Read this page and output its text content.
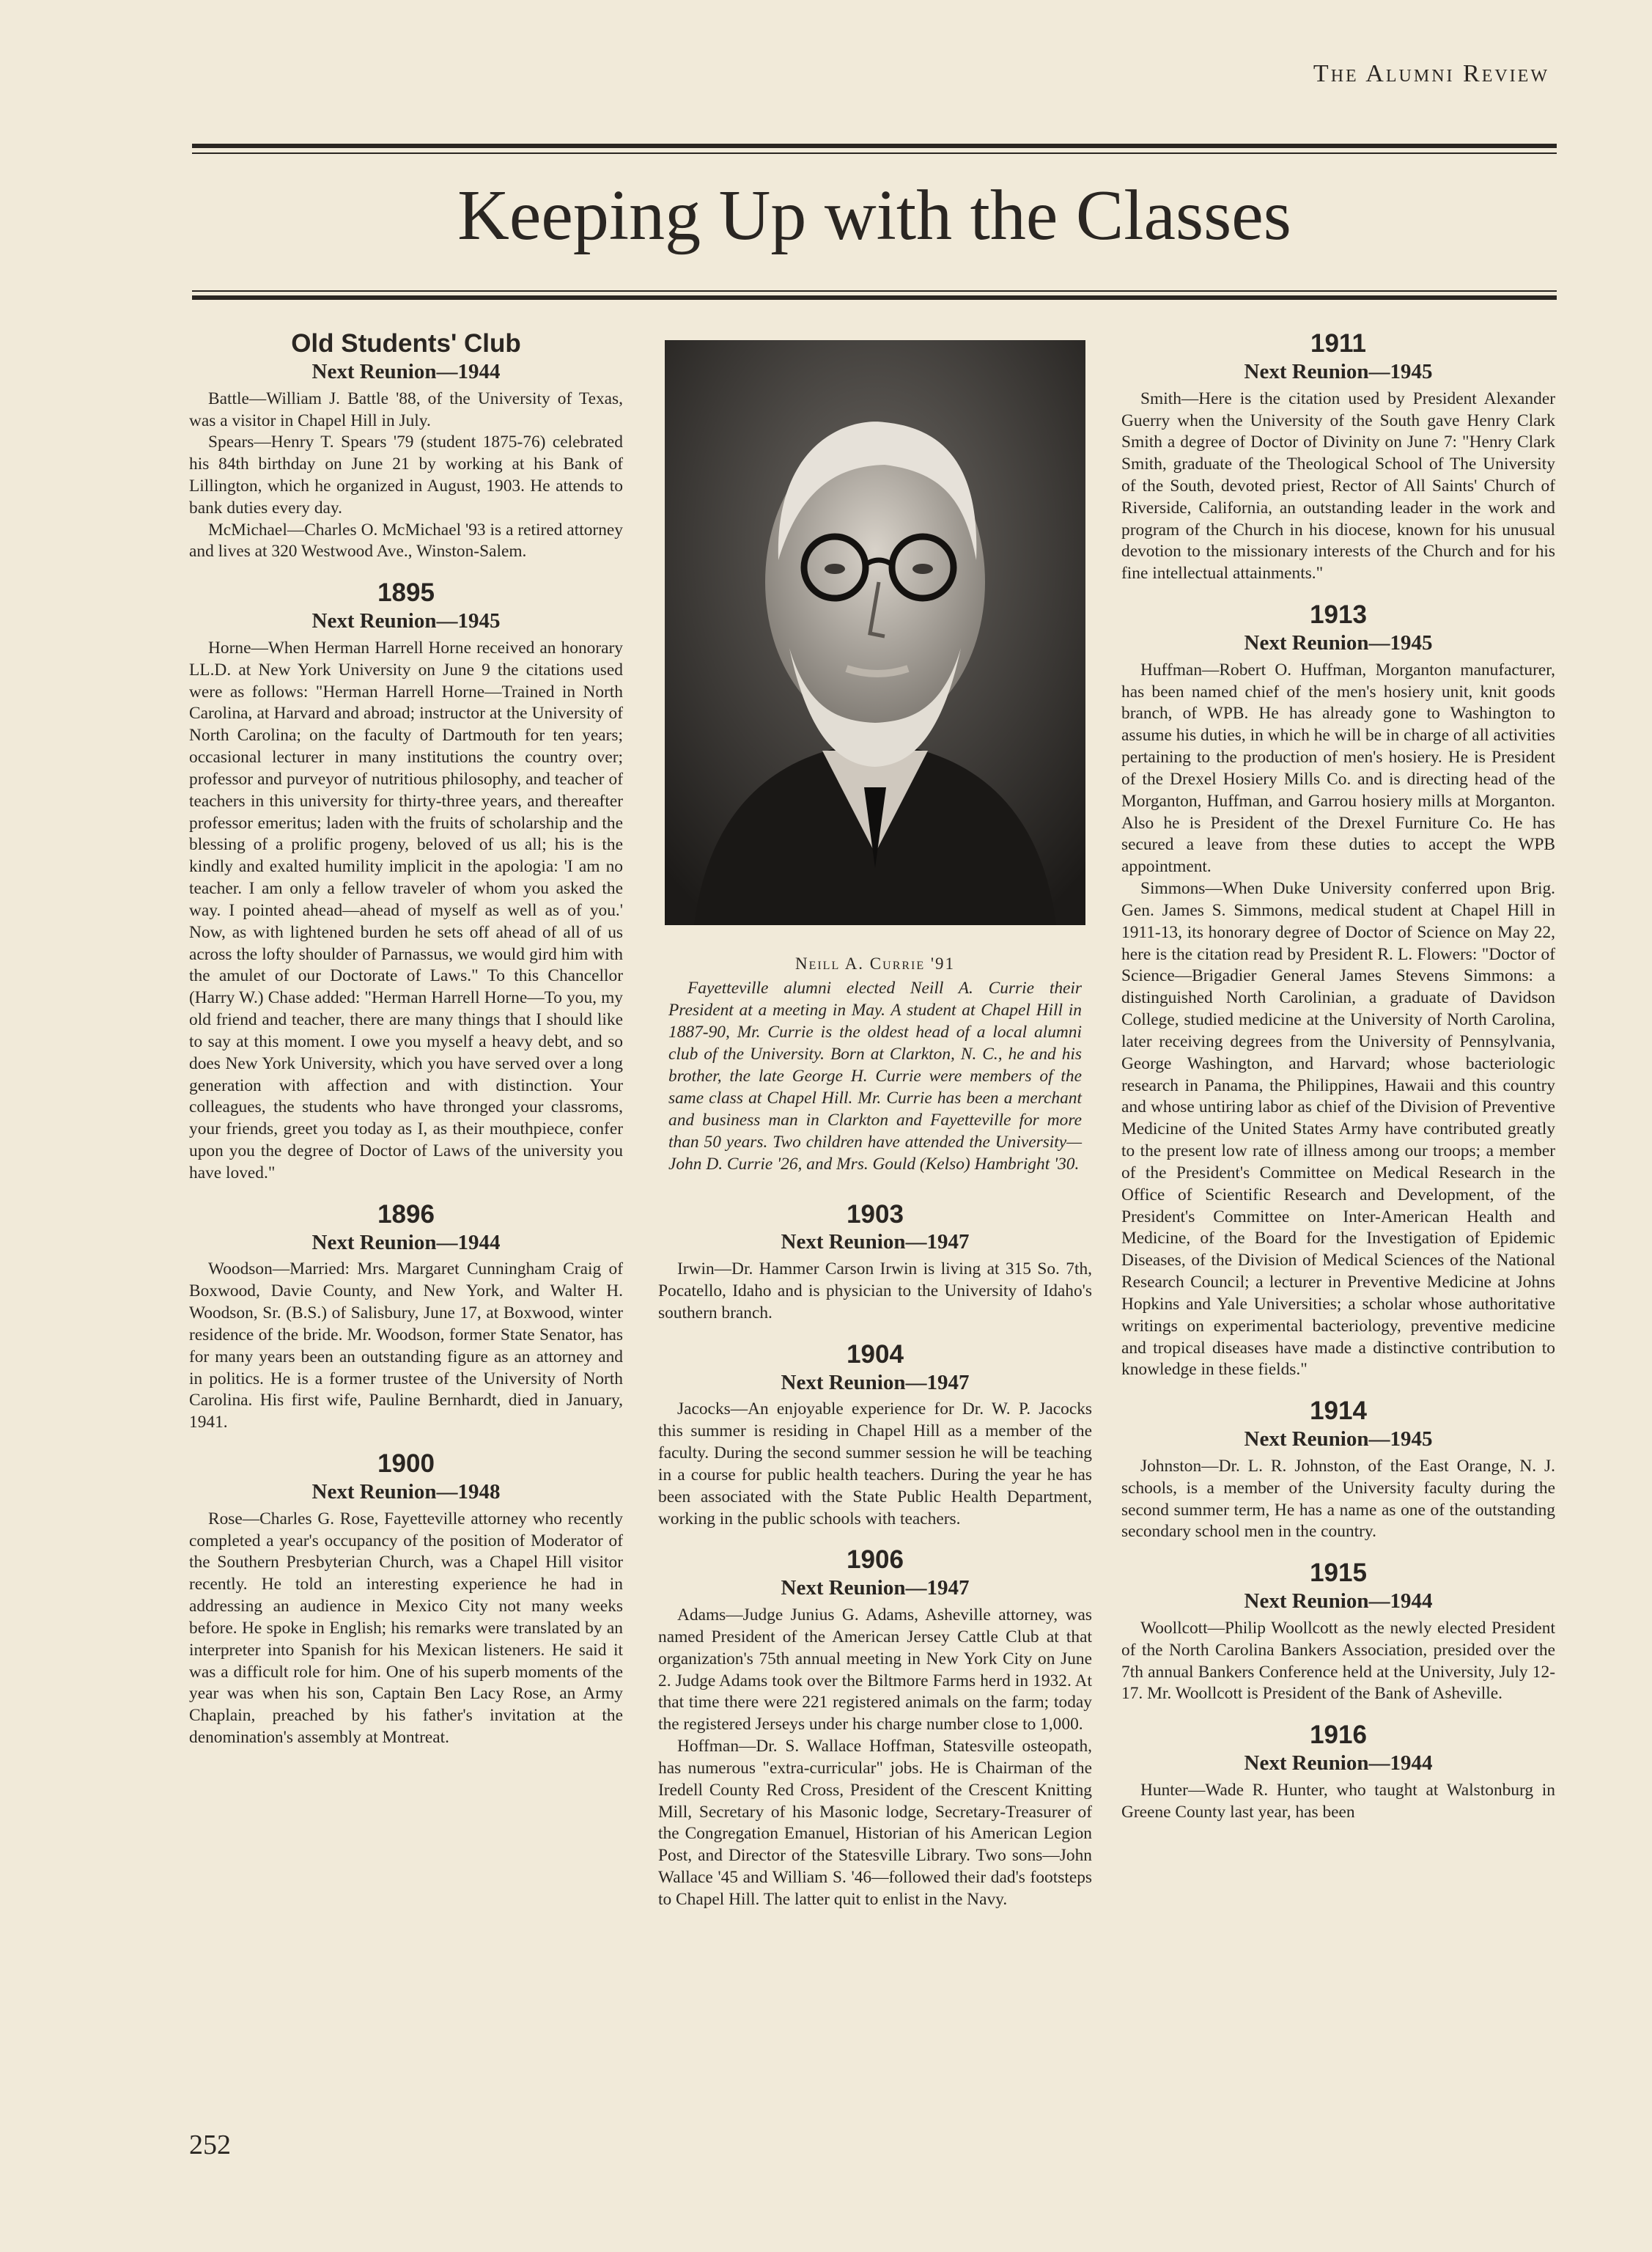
The Alumni Review
Keeping Up with the Classes
Old Students' Club
Next Reunion—1944

Battle—William J. Battle '88, of the University of Texas, was a visitor in Chapel Hill in July.

Spears—Henry T. Spears '79 (student 1875-76) celebrated his 84th birthday on June 21 by working at his Bank of Lillington, which he organized in August, 1903. He attends to bank duties every day.

McMichael—Charles O. McMichael '93 is a retired attorney and lives at 320 Westwood Ave., Winston-Salem.

1895
Next Reunion—1945

Horne—When Herman Harrell Horne received an honorary LL.D. at New York University on June 9 the citations used were as follows: "Herman Harrell Horne—Trained in North Carolina, at Harvard and abroad; instructor at the University of North Carolina; on the faculty of Dartmouth for ten years; occasional lecturer in many institutions the country over; professor and purveyor of nutritious philosophy, and teacher of teachers in this university for thirty-three years, and thereafter professor emeritus; laden with the fruits of scholarship and the blessing of a prolific progeny, beloved of us all; his is the kindly and exalted humility implicit in the apologia: 'I am no teacher. I am only a fellow traveler of whom you asked the way. I pointed ahead—ahead of myself as well as of you.' Now, as with lightened burden he sets off ahead of all of us across the lofty shoulder of Parnassus, we would gird him with the amulet of our Doctorate of Laws." To this Chancellor (Harry W.) Chase added: "Herman Harrell Horne—To you, my old friend and teacher, there are many things that I should like to say at this moment. I owe you myself a heavy debt, and so does New York University, which you have served over a long generation with affection and with distinction. Your colleagues, the students who have thronged your classroms, your friends, greet you today as I, as their mouthpiece, confer upon you the degree of Doctor of Laws of the university you have loved."

1896
Next Reunion—1944

Woodson—Married: Mrs. Margaret Cunningham Craig of Boxwood, Davie County, and New York, and Walter H. Woodson, Sr. (B.S.) of Salisbury, June 17, at Boxwood, winter residence of the bride. Mr. Woodson, former State Senator, has for many years been an outstanding figure as an attorney and in politics. He is a former trustee of the University of North Carolina. His first wife, Pauline Bernhardt, died in January, 1941.

1900
Next Reunion—1948

Rose—Charles G. Rose, Fayetteville attorney who recently completed a year's occupancy of the position of Moderator of the Southern Presbyterian Church, was a Chapel Hill visitor recently. He told an interesting experience he had in addressing an audience in Mexico City not many weeks before. He spoke in English; his remarks were translated by an interpreter into Spanish for his Mexican listeners. He said it was a difficult role for him. One of his superb moments of the year was when his son, Captain Ben Lacy Rose, an Army Chaplain, preached by his father's invitation at the denomination's assembly at Montreat.

Neill A. Currie '91

Fayetteville alumni elected Neill A. Currie their President at a meeting in May. A student at Chapel Hill in 1887-90, Mr. Currie is the oldest head of a local alumni club of the University. Born at Clarkton, N. C., he and his brother, the late George H. Currie were members of the same class at Chapel Hill. Mr. Currie has been a merchant and business man in Clarkton and Fayetteville for more than 50 years. Two children have attended the University—John D. Currie '26, and Mrs. Gould (Kelso) Hambright '30.

1903
Next Reunion—1947

Irwin—Dr. Hammer Carson Irwin is living at 315 So. 7th, Pocatello, Idaho and is physician to the University of Idaho's southern branch.

1904
Next Reunion—1947

Jacocks—An enjoyable experience for Dr. W. P. Jacocks this summer is residing in Chapel Hill as a member of the faculty. During the second summer session he will be teaching in a course for public health teachers. During the year he has been associated with the State Public Health Department, working in the public schools with teachers.

1906
Next Reunion—1947

Adams—Judge Junius G. Adams, Asheville attorney, was named President of the American Jersey Cattle Club at that organization's 75th annual meeting in New York City on June 2. Judge Adams took over the Biltmore Farms herd in 1932. At that time there were 221 registered animals on the farm; today the registered Jerseys under his charge number close to 1,000.

Hoffman—Dr. S. Wallace Hoffman, Statesville osteopath, has numerous "extra-curricular" jobs. He is Chairman of the Iredell County Red Cross, President of the Crescent Knitting Mill, Secretary of his Masonic lodge, Secretary-Treasurer of the Congregation Emanuel, Historian of his American Legion Post, and Director of the Statesville Library. Two sons—John Wallace '45 and William S. '46—followed their dad's footsteps to Chapel Hill. The latter quit to enlist in the Navy.

1911
Next Reunion—1945

Smith—Here is the citation used by President Alexander Guerry when the University of the South gave Henry Clark Smith a degree of Doctor of Divinity on June 7: "Henry Clark Smith, graduate of the Theological School of The University of the South, devoted priest, Rector of All Saints' Church of Riverside, California, an outstanding leader in the work and program of the Church in his diocese, known for his unusual devotion to the missionary interests of the Church and for his fine intellectual attainments."

1913
Next Reunion—1945

Huffman—Robert O. Huffman, Morganton manufacturer, has been named chief of the men's hosiery unit, knit goods branch, of WPB. He has already gone to Washington to assume his duties, in which he will be in charge of all activities pertaining to the production of men's hosiery. He is President of the Drexel Hosiery Mills Co. and is directing head of the Morganton, Huffman, and Garrou hosiery mills at Morganton. Also he is President of the Drexel Furniture Co. He has secured a leave from these duties to accept the WPB appointment.

Simmons—When Duke University conferred upon Brig. Gen. James S. Simmons, medical student at Chapel Hill in 1911-13, its honorary degree of Doctor of Science on May 22, here is the citation read by President R. L. Flowers: "Doctor of Science—Brigadier General James Stevens Simmons: a distinguished North Carolinian, a graduate of Davidson College, studied medicine at the University of North Carolina, later receiving degrees from the University of Pennsylvania, George Washington, and Harvard; whose bacteriologic research in Panama, the Philippines, Hawaii and this country and whose untiring labor as chief of the Division of Preventive Medicine of the United States Army have contributed greatly to the present low rate of illness among our troops; a member of the President's Committee on Medical Research in the Office of Scientific Research and Development, of the President's Committee on Inter-American Health and Medicine, of the Board for the Investigation of Epidemic Diseases, of the Division of Medical Sciences of the National Research Council; a lecturer in Preventive Medicine at Johns Hopkins and Yale Universities; a scholar whose authoritative writings on experimental bacteriology, preventive medicine and tropical diseases have made a distinctive contribution to knowledge in these fields."

1914
Next Reunion—1945

Johnston—Dr. L. R. Johnston, of the East Orange, N. J. schools, is a member of the University faculty during the second summer term, He has a name as one of the outstanding secondary school men in the country.

1915
Next Reunion—1944

Woollcott—Philip Woollcott as the newly elected President of the North Carolina Bankers Association, presided over the 7th annual Bankers Conference held at the University, July 12-17. Mr. Woollcott is President of the Bank of Asheville.

1916
Next Reunion—1944

Hunter—Wade R. Hunter, who taught at Walstonburg in Greene County last year, has been

252
